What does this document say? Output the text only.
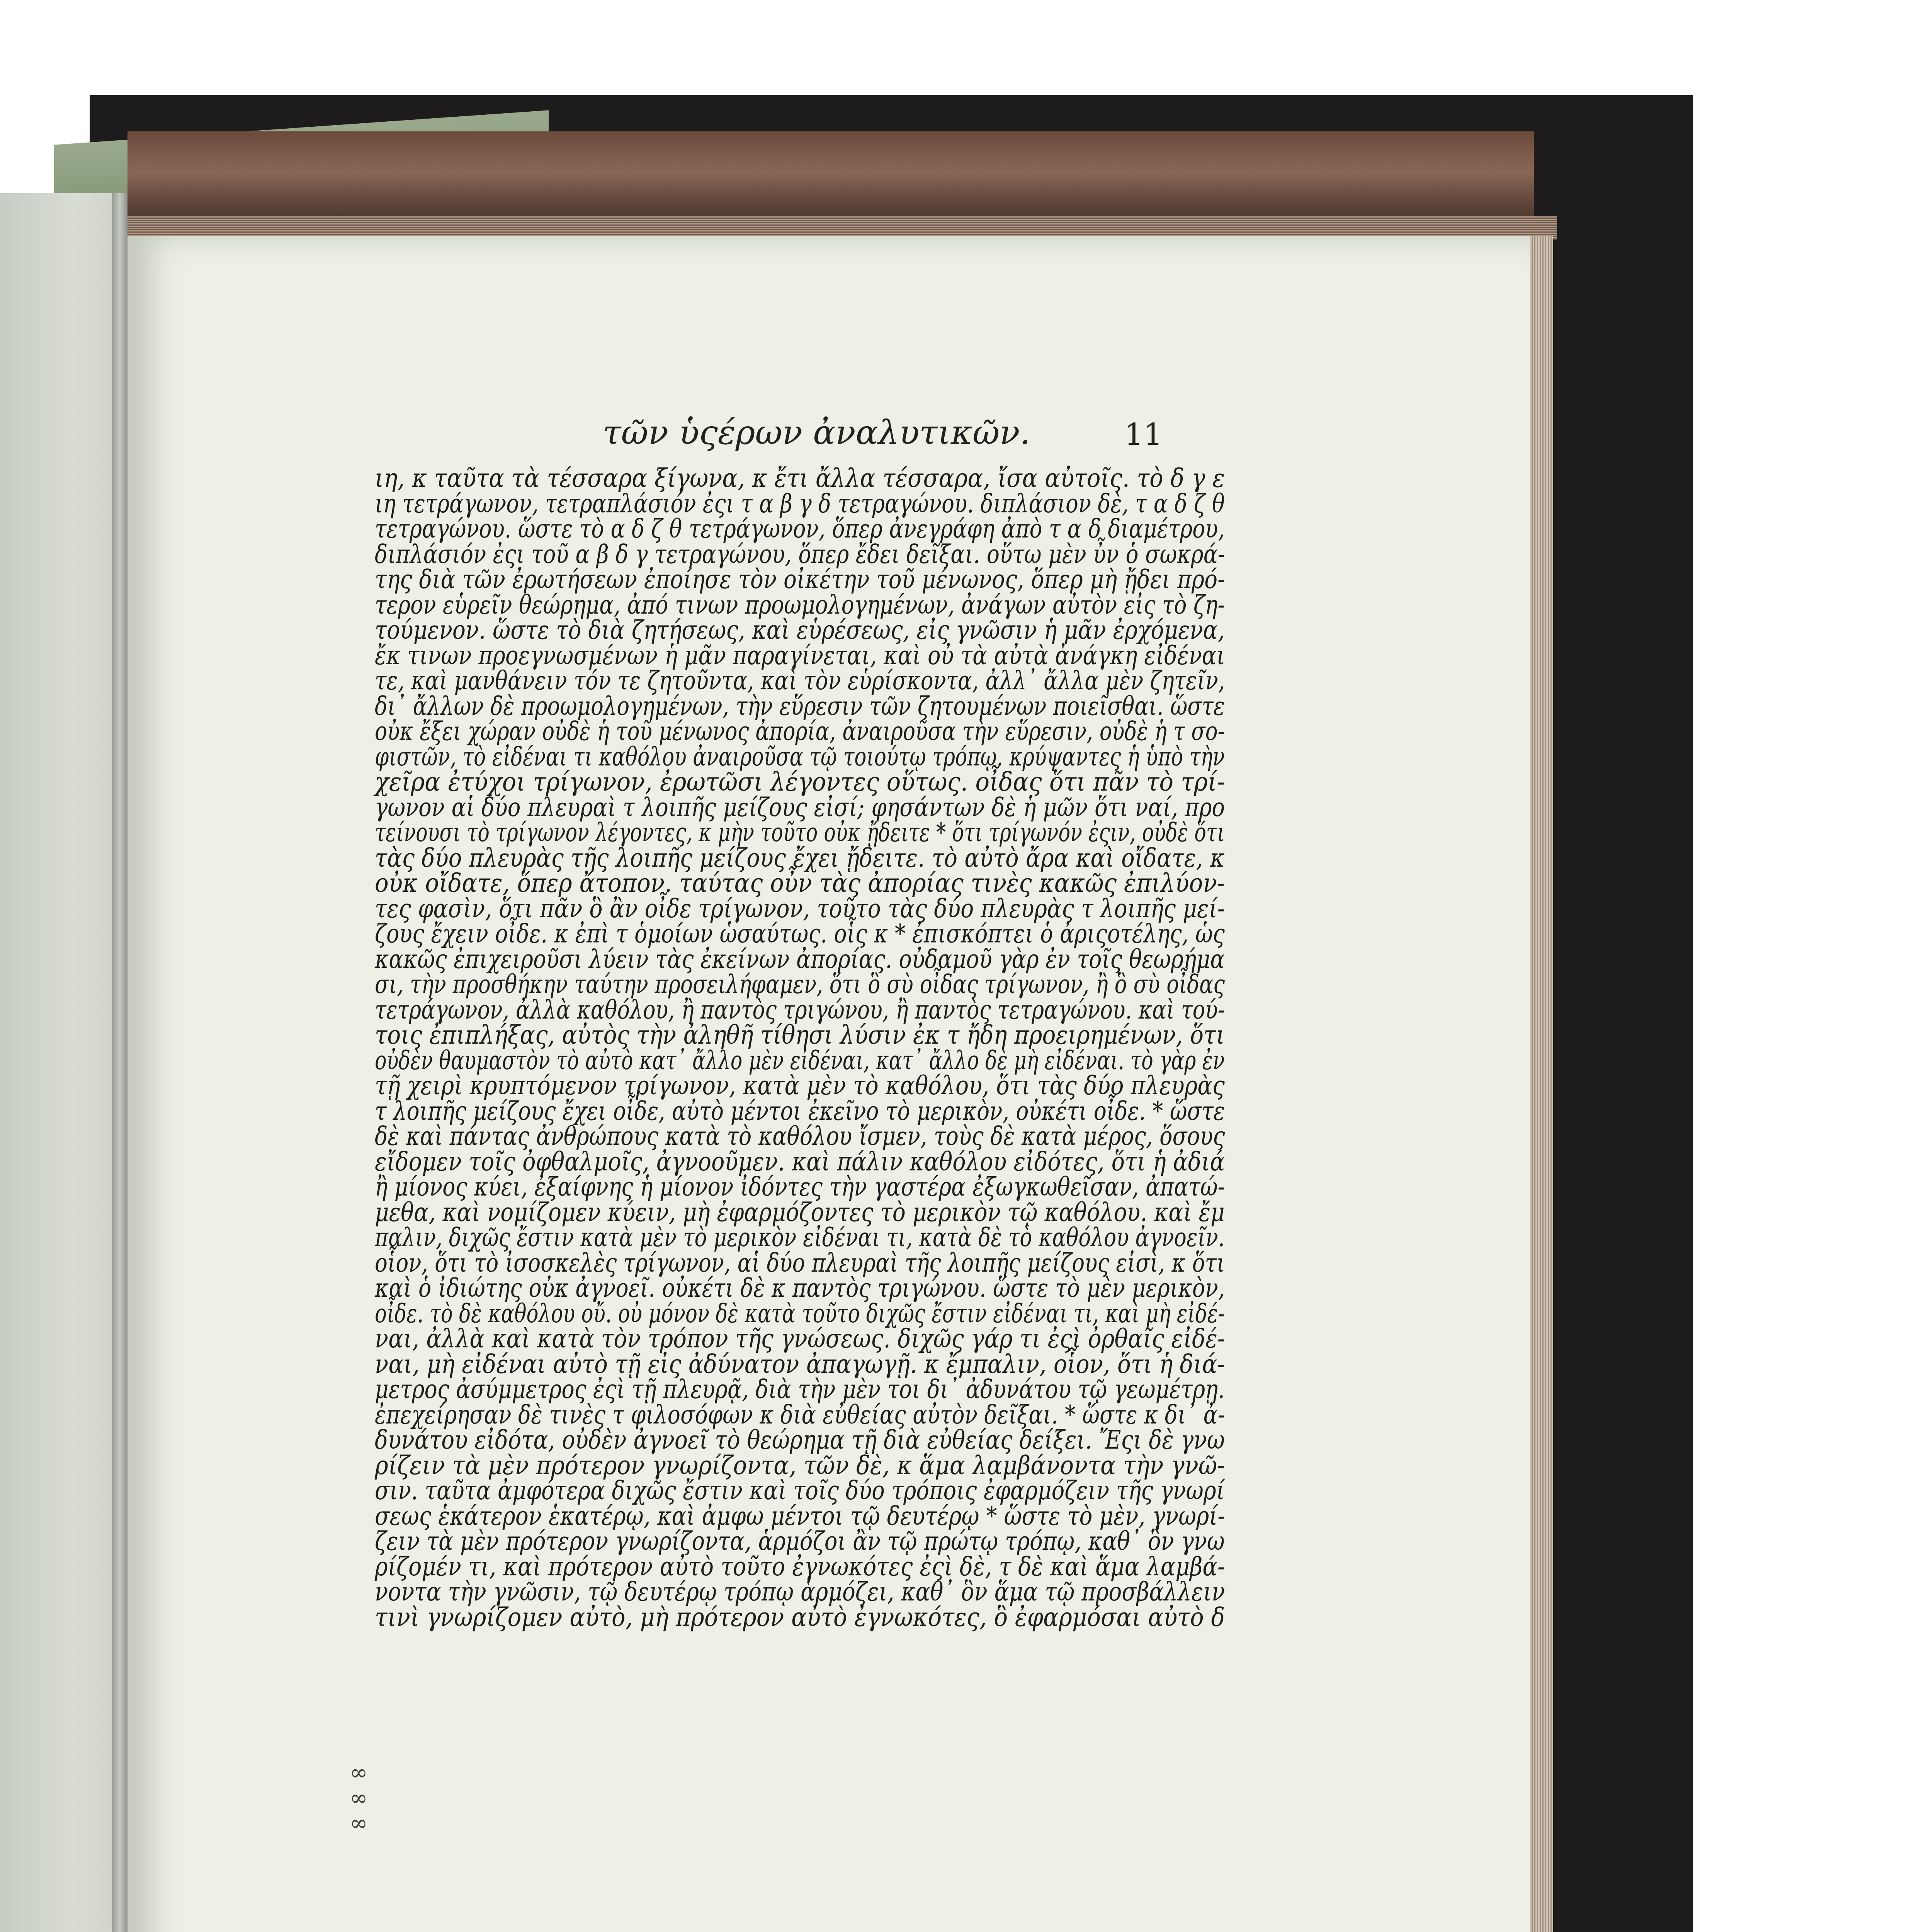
τῶν ὑςέρων ἀναλυτικῶν.	11
ιη, κ ταῦτα τὰ τέσσαρα ξίγωνα, κ ἔτι ἄλλα τέσσαρα, ἴσα αὐτοῖς. τὸ δ γ ε
ιη τετράγωνον, τετραπλάσιόν ἐςι τ α β γ δ τετραγώνου. διπλάσιον δὲ, τ α δ ζ θ
τετραγώνου. ὥστε τὸ α δ ζ θ τετράγωνον, ὅπερ ἀνεγράφη ἀπὸ τ α δ διαμέτρου,
διπλάσιόν ἐςι τοῦ α β δ γ τετραγώνου, ὅπερ ἔδει δεῖξαι. οὕτω μὲν ὖν ὁ σωκρά-
της διὰ τῶν ἐρωτήσεων ἐποίησε τὸν οἰκέτην τοῦ μένωνος, ὅπερ μὴ ᾔδει πρό-
τερον εὑρεῖν θεώρημα, ἀπό τινων προωμολογημένων, ἀνάγων αὐτὸν εἰς τὸ ζη-
τούμενον. ὥστε τὸ διὰ ζητήσεως, καὶ εὑρέσεως, εἰς γνῶσιν ἡ μᾶν ἐρχόμενα,
ἔκ τινων προεγνωσμένων ἡ μᾶν παραγίνεται, καὶ οὐ τὰ αὐτὰ ἀνάγκη εἰδέναι
τε, καὶ μανθάνειν τόν τε ζητοῦντα, καὶ τὸν εὑρίσκοντα, ἀλλ᾽ ἄλλα μὲν ζητεῖν,
δι᾽ ἄλλων δὲ προωμολογημένων, τὴν εὕρεσιν τῶν ζητουμένων ποιεῖσθαι. ὥστε
οὐκ ἔξει χώραν οὐδὲ ἡ τοῦ μένωνος ἀπορία, ἀναιροῦσα τὴν εὕρεσιν, οὐδὲ ἡ τ σο-
φιστῶν, τὸ εἰδέναι τι καθόλου ἀναιροῦσα τῷ τοιούτῳ τρόπῳ. κρύψαντες ἡ ὑπὸ τὴν
χεῖρα ἐτύχοι τρίγωνον, ἐρωτῶσι λέγοντες οὕτως. οἶδας ὅτι πᾶν τὸ τρί-
γωνον αἱ δύο πλευραὶ τ λοιπῆς μείζους εἰσί; φησάντων δὲ ἡ μῶν ὅτι ναί, προ
τείνουσι τὸ τρίγωνον λέγοντες, κ μὴν τοῦτο οὐκ ᾔδειτε * ὅτι τρίγωνόν ἐςιν, οὐδὲ ὅτι
τὰς δύο πλευρὰς τῆς λοιπῆς μείζους ἔχει ᾔδειτε. τὸ αὐτὸ ἄρα καὶ οἴδατε, κ
οὐκ οἴδατε, ὅπερ ἄτοπον. ταύτας οὖν τὰς ἀπορίας τινὲς κακῶς ἐπιλύον-
τες φασὶν, ὅτι πᾶν ὃ ἂν οἶδε τρίγωνον, τοῦτο τὰς δύο πλευρὰς τ λοιπῆς μεί-
ζους ἔχειν οἶδε. κ ἐπὶ τ ὁμοίων ὡσαύτως. οἷς κ * ἐπισκόπτει ὁ ἀριςοτέλης, ὡς
κακῶς ἐπιχειροῦσι λύειν τὰς ἐκείνων ἀπορίας. οὐδαμοῦ γὰρ ἐν τοῖς θεωρήμα
σι, τὴν προσθήκην ταύτην προσειλήφαμεν, ὅτι ὃ σὺ οἶδας τρίγωνον, ἢ ὃ σὺ οἶδας
τετράγωνον, ἀλλὰ καθόλου, ἢ παντὸς τριγώνου, ἢ παντὸς τετραγώνου. καὶ τού-
τοις ἐπιπλήξας, αὐτὸς τὴν ἀληθῆ τίθησι λύσιν ἐκ τ ἤδη προειρημένων, ὅτι
οὐδὲν θαυμαστὸν τὸ αὐτὸ κατ᾽ ἄλλο μὲν εἰδέναι, κατ᾽ ἄλλο δὲ μὴ εἰδέναι. τὸ γὰρ ἐν
τῇ χειρὶ κρυπτόμενον τρίγωνον, κατὰ μὲν τὸ καθόλου, ὅτι τὰς δύο πλευρὰς
τ λοιπῆς μείζους ἔχει οἶδε, αὐτὸ μέντοι ἐκεῖνο τὸ μερικὸν, οὐκέτι οἶδε. * ὥστε
δὲ καὶ πάντας ἀνθρώπους κατὰ τὸ καθόλου ἴσμεν, τοὺς δὲ κατὰ μέρος, ὅσους
εἴδομεν τοῖς ὀφθαλμοῖς, ἀγνοοῦμεν. καὶ πάλιν καθόλου εἰδότες, ὅτι ἡ ἀδιά
ἢ μίονος κύει, ἐξαίφνης ἡ μίονον ἰδόντες τὴν γαστέρα ἐξωγκωθεῖσαν, ἀπατώ-
μεθα, καὶ νομίζομεν κύειν, μὴ ἐφαρμόζοντες τὸ μερικὸν τῷ καθόλου. καὶ ἔμ
παλιν, διχῶς ἔστιν κατὰ μὲν τὸ μερικὸν εἰδέναι τι, κατὰ δὲ τὸ καθόλου ἀγνοεῖν.
οἷον, ὅτι τὸ ἰσοσκελὲς τρίγωνον, αἱ δύο πλευραὶ τῆς λοιπῆς μείζους εἰσὶ, κ ὅτι
καὶ ὁ ἰδιώτης οὐκ ἀγνοεῖ. οὐκέτι δὲ κ παντὸς τριγώνου. ὥστε τὸ μὲν μερικὸν,
οἶδε. τὸ δὲ καθόλου οὔ. οὐ μόνον δὲ κατὰ τοῦτο διχῶς ἔστιν εἰδέναι τι, καὶ μὴ εἰδέ-
ναι, ἀλλὰ καὶ κατὰ τὸν τρόπον τῆς γνώσεως. διχῶς γάρ τι ἐςὶ ὀρθαῖς εἰδέ-
ναι, μὴ εἰδέναι αὐτὸ τῇ εἰς ἀδύνατον ἀπαγωγῇ. κ ἔμπαλιν, οἷον, ὅτι ἡ διά-
μετρος ἀσύμμετρος ἐςὶ τῇ πλευρᾷ, διὰ τὴν μὲν τοι δι᾽ ἀδυνάτου τῷ γεωμέτρῃ.
ἐπεχείρησαν δὲ τινὲς τ φιλοσόφων κ διὰ εὐθείας αὐτὸν δεῖξαι. * ὥστε κ δι᾽ ἀ-
δυνάτου εἰδότα, οὐδὲν ἀγνοεῖ τὸ θεώρημα τῇ διὰ εὐθείας δείξει. Ἔςι δὲ γνω
ρίζειν τὰ μὲν πρότερον γνωρίζοντα, τῶν δὲ, κ ἅμα λαμβάνοντα τὴν γνῶ-
σιν. ταῦτα ἀμφότερα διχῶς ἔστιν καὶ τοῖς δύο τρόποις ἐφαρμόζειν τῆς γνωρί
σεως ἑκάτερον ἑκατέρῳ, καὶ ἀμφω μέντοι τῷ δευτέρῳ * ὥστε τὸ μὲν, γνωρί-
ζειν τὰ μὲν πρότερον γνωρίζοντα, ἁρμόζοι ἂν τῷ πρώτῳ τρόπῳ, καθ᾽ ὃν γνω
ρίζομέν τι, καὶ πρότερον αὐτὸ τοῦτο ἐγνωκότες ἐςὶ δὲ, τ δὲ καὶ ἅμα λαμβά-
νοντα τὴν γνῶσιν, τῷ δευτέρῳ τρόπῳ ἁρμόζει, καθ᾽ ὃν ἅμα τῷ προσβάλλειν
τινὶ γνωρίζομεν αὐτὸ, μὴ πρότερον αὐτὸ ἐγνωκότες, ὃ ἐφαρμόσαι αὐτὸ δ
∞
∞
∞
